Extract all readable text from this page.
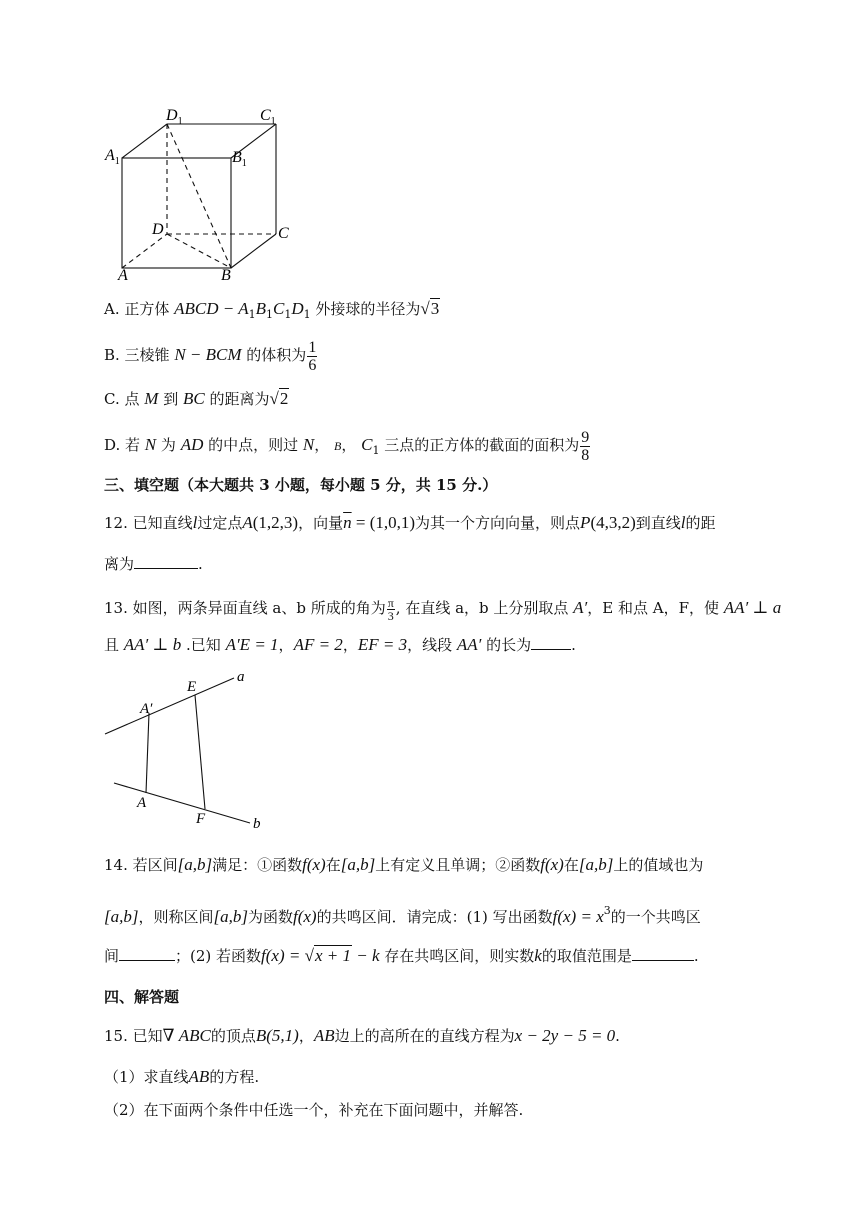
$D_1$	$C_1$
$A_1$	$B_1$
D	C
A	B
A. 正方体 ABCD − $A_1B_1C_1D_1$ 外接球的半径为√3
B. 三棱锥 N − BCM 的体积为 $\frac{1}{6}$
C. 点 M 到 BC 的距离为√2
D. 若 N 为 AD 的中点，则过 N， B， $C_1$ 三点的正方体的截面的面积为 $\frac{9}{8}$
三、填空题（本大题共 3 小题，每小题 5 分，共 15 分.）
12. 已知直线l过定点A(1,2,3)，向量$\overline{n} = (1,0,1)$为其一个方向向量，则点P(4,3,2)到直线l的距
离为	.
13. 如图，两条异面直线 a、b 所成的角为 $\frac{\pi}{3}$ , 在直线 a，b 上分别取点 A′，E 和点 A，F，使 AA′ ⊥ a
且 AA′ ⊥ b .已知 A′E = 1，AF = 2，EF = 3，线段 AA′ 的长为	.
a
b
E
A′
A
F
14. 若区间[a,b]满足：①函数f(x)在[a,b]上有定义且单调；②函数f(x)在[a,b]上的值域也为
[a,b]，则称区间[a,b]为函数f(x)的共鸣区间．请完成：(1) 写出函数$f(x) = x^3$的一个共鸣区
间	；(2) 若函数f(x) = √x + 1 − k 存在共鸣区间，则实数k的取值范围是	.
四、解答题
15. 已知∇ ABC的顶点B(5,1)，AB边上的高所在的直线方程为x − 2y − 5 = 0.
（1）求直线AB的方程.
（2）在下面两个条件中任选一个，补充在下面问题中，并解答.
